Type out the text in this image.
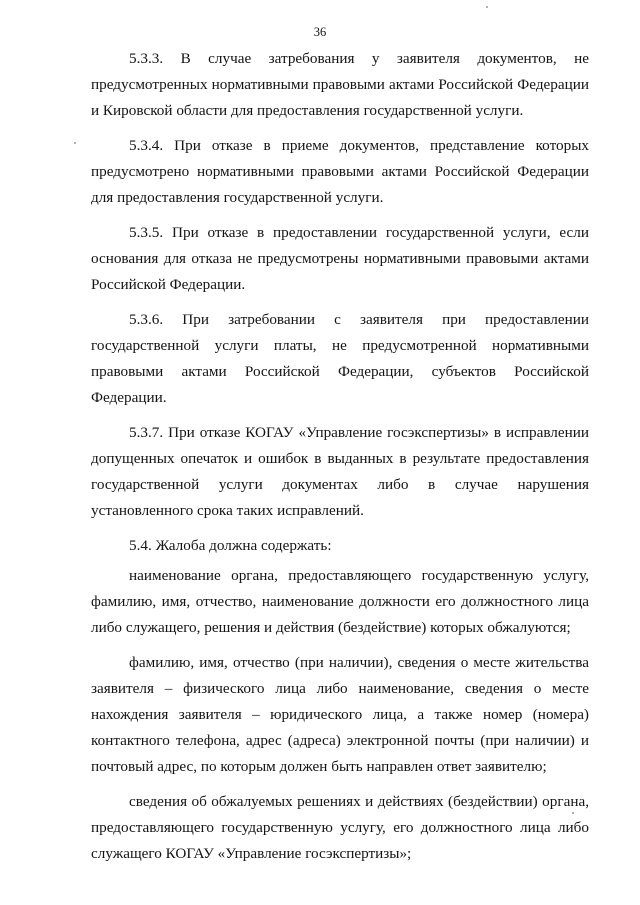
36

5.3.3. В случае затребования у заявителя документов, не предусмотренных нормативными правовыми актами Российской Федерации и Кировской области для предоставления государственной услуги.

5.3.4. При отказе в приеме документов, представление которых предусмотрено нормативными правовыми актами Российской Федерации для предоставления государственной услуги.

5.3.5. При отказе в предоставлении государственной услуги, если основания для отказа не предусмотрены нормативными правовыми актами Российской Федерации.

5.3.6. При затребовании с заявителя при предоставлении государственной услуги платы, не предусмотренной нормативными правовыми актами Российской Федерации, субъектов Российской Федерации.

5.3.7. При отказе КОГАУ «Управление госэкспертизы» в исправлении допущенных опечаток и ошибок в выданных в результате предоставления государственной услуги документах либо в случае нарушения установленного срока таких исправлений.

5.4. Жалоба должна содержать:

наименование органа, предоставляющего государственную услугу, фамилию, имя, отчество, наименование должности его должностного лица либо служащего, решения и действия (бездействие) которых обжалуются;

фамилию, имя, отчество (при наличии), сведения о месте жительства заявителя – физического лица либо наименование, сведения о месте нахождения заявителя – юридического лица, а также номер (номера) контактного телефона, адрес (адреса) электронной почты (при наличии) и почтовый адрес, по которым должен быть направлен ответ заявителю;

сведения об обжалуемых решениях и действиях (бездействии) органа, предоставляющего государственную услугу, его должностного лица либо служащего КОГАУ «Управление госэкспертизы»;
